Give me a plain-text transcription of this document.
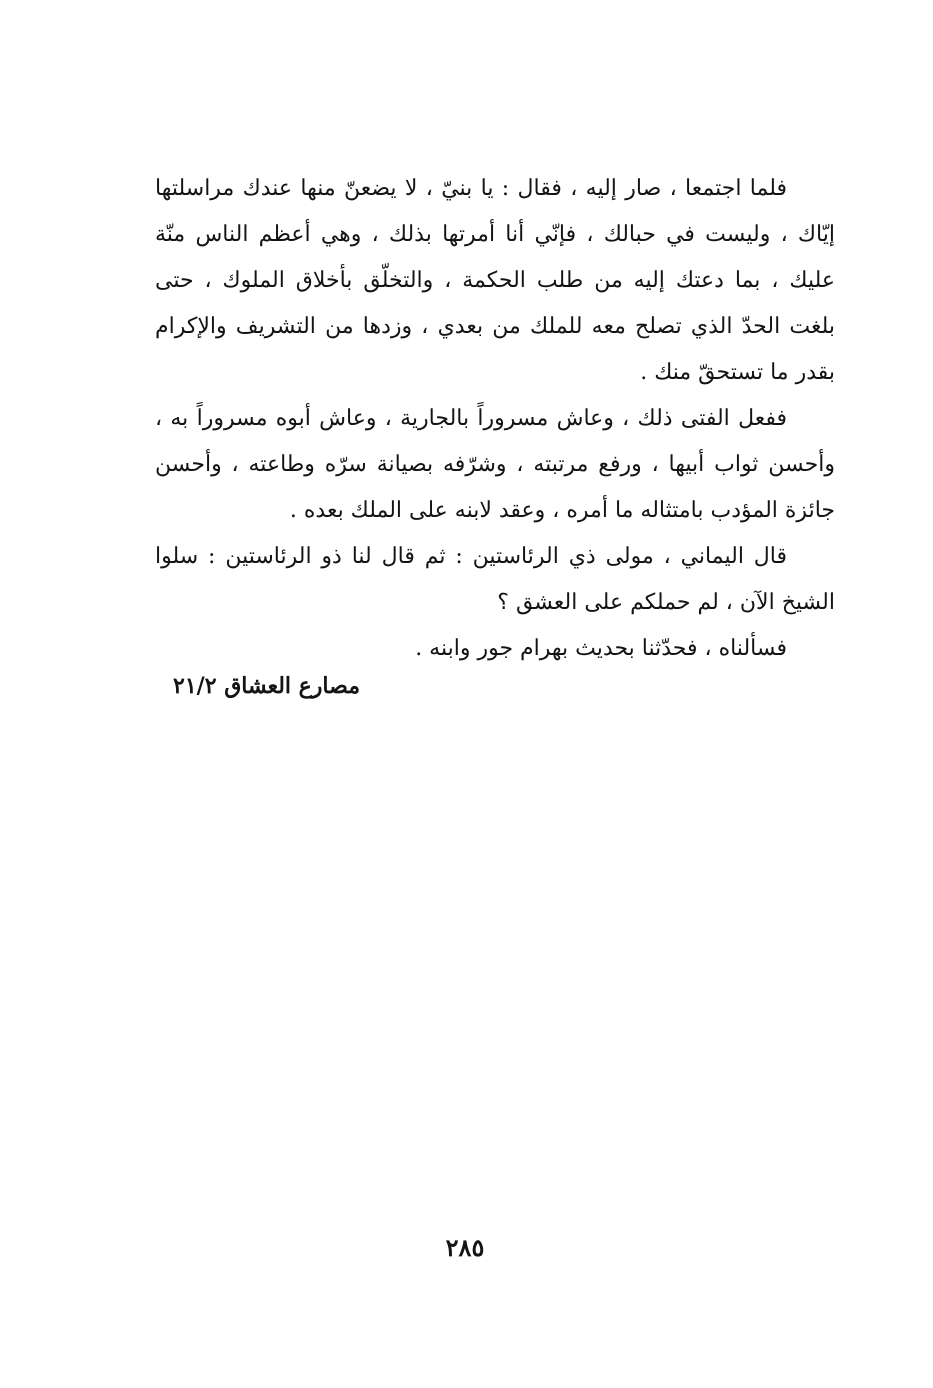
فلما اجتمعا ، صار إليه ، فقال : يا بنيّ ، لا يضعنّ منها عندك مراسلتها
إيّاك ، وليست في حبالك ، فإنّي أنا أمرتها بذلك ، وهي أعظم الناس منّة
عليك ، بما دعتك إليه من طلب الحكمة ، والتخلّق بأخلاق الملوك ، حتى
بلغت الحدّ الذي تصلح معه للملك من بعدي ، وزدها من التشريف والإكرام
بقدر ما تستحقّ منك .
ففعل الفتى ذلك ، وعاش مسروراً بالجارية ، وعاش أبوه مسروراً به ،
وأحسن ثواب أبيها ، ورفع مرتبته ، وشرّفه بصيانة سرّه وطاعته ، وأحسن
جائزة المؤدب بامتثاله ما أمره ، وعقد لابنه على الملك بعده .
قال اليماني ، مولى ذي الرئاستين : ثم قال لنا ذو الرئاستين : سلوا
الشيخ الآن ، لم حملكم على العشق ؟
فسألناه ، فحدّثنا بحديث بهرام جور وابنه .
مصارع العشاق ٢١/٢
٢٨٥
